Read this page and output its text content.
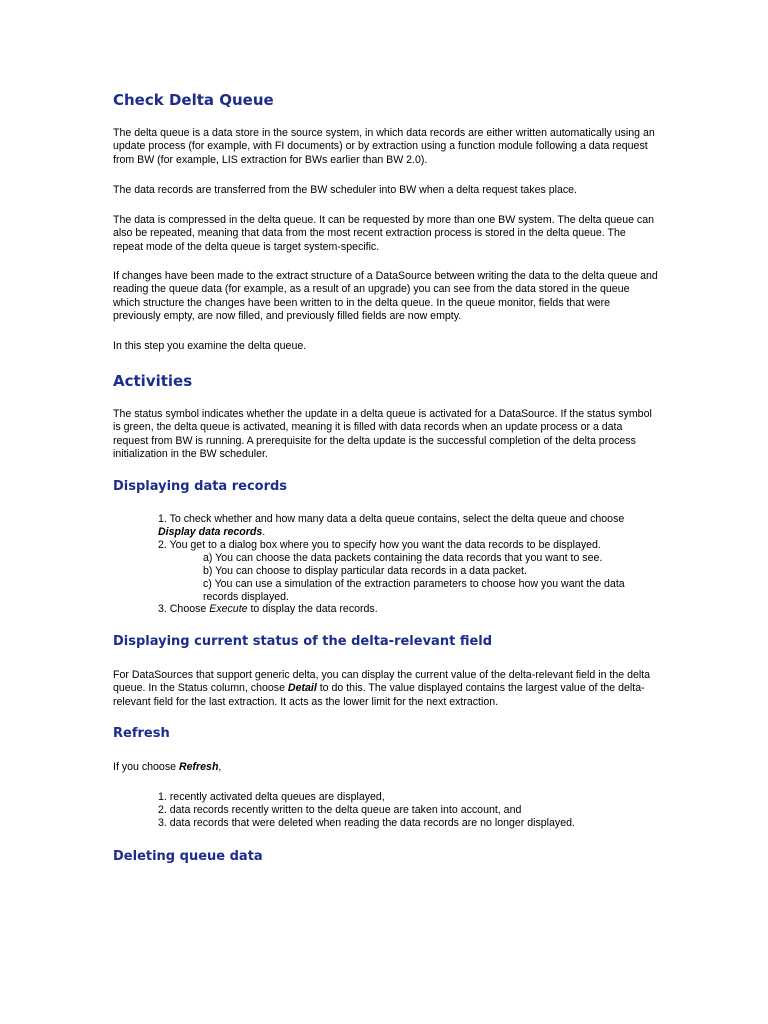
Check Delta Queue

The delta queue is a data store in the source system, in which data records are either written automatically using an update process (for example, with FI documents) or by extraction using a function module following a data request from BW (for example, LIS extraction for BWs earlier than BW 2.0).

The data records are transferred from the BW scheduler into BW when a delta request takes place.

The data is compressed in the delta queue. It can be requested by more than one BW system. The delta queue can also be repeated, meaning that data from the most recent extraction process is stored in the delta queue. The repeat mode of the delta queue is target system-specific.

If changes have been made to the extract structure of a DataSource between writing the data to the delta queue and reading the queue data (for example, as a result of an upgrade) you can see from the data stored in the queue which structure the changes have been written to in the delta queue. In the queue monitor, fields that were previously empty, are now filled, and previously filled fields are now empty.

In this step you examine the delta queue.

Activities

The status symbol indicates whether the update in a delta queue is activated for a DataSource. If the status symbol is green, the delta queue is activated, meaning it is filled with data records when an update process or a data request from BW is running. A prerequisite for the delta update is the successful completion of the delta process initialization in the BW scheduler.

Displaying data records

1. To check whether and how many data a delta queue contains, select the delta queue and choose Display data records.

2. You get to a dialog box where you to specify how you want the data records to be displayed.

a) You can choose the data packets containing the data records that you want to see.

b) You can choose to display particular data records in a data packet.

c) You can use a simulation of the extraction parameters to choose how you want the data records displayed.

3. Choose Execute to display the data records.

Displaying current status of the delta-relevant field

For DataSources that support generic delta, you can display the current value of the delta-relevant field in the delta queue. In the Status column, choose Detail to do this. The value displayed contains the largest value of the delta-relevant field for the last extraction. It acts as the lower limit for the next extraction.

Refresh

If you choose Refresh,

1. recently activated delta queues are displayed,

2. data records recently written to the delta queue are taken into account, and

3. data records that were deleted when reading the data records are no longer displayed.

Deleting queue data
